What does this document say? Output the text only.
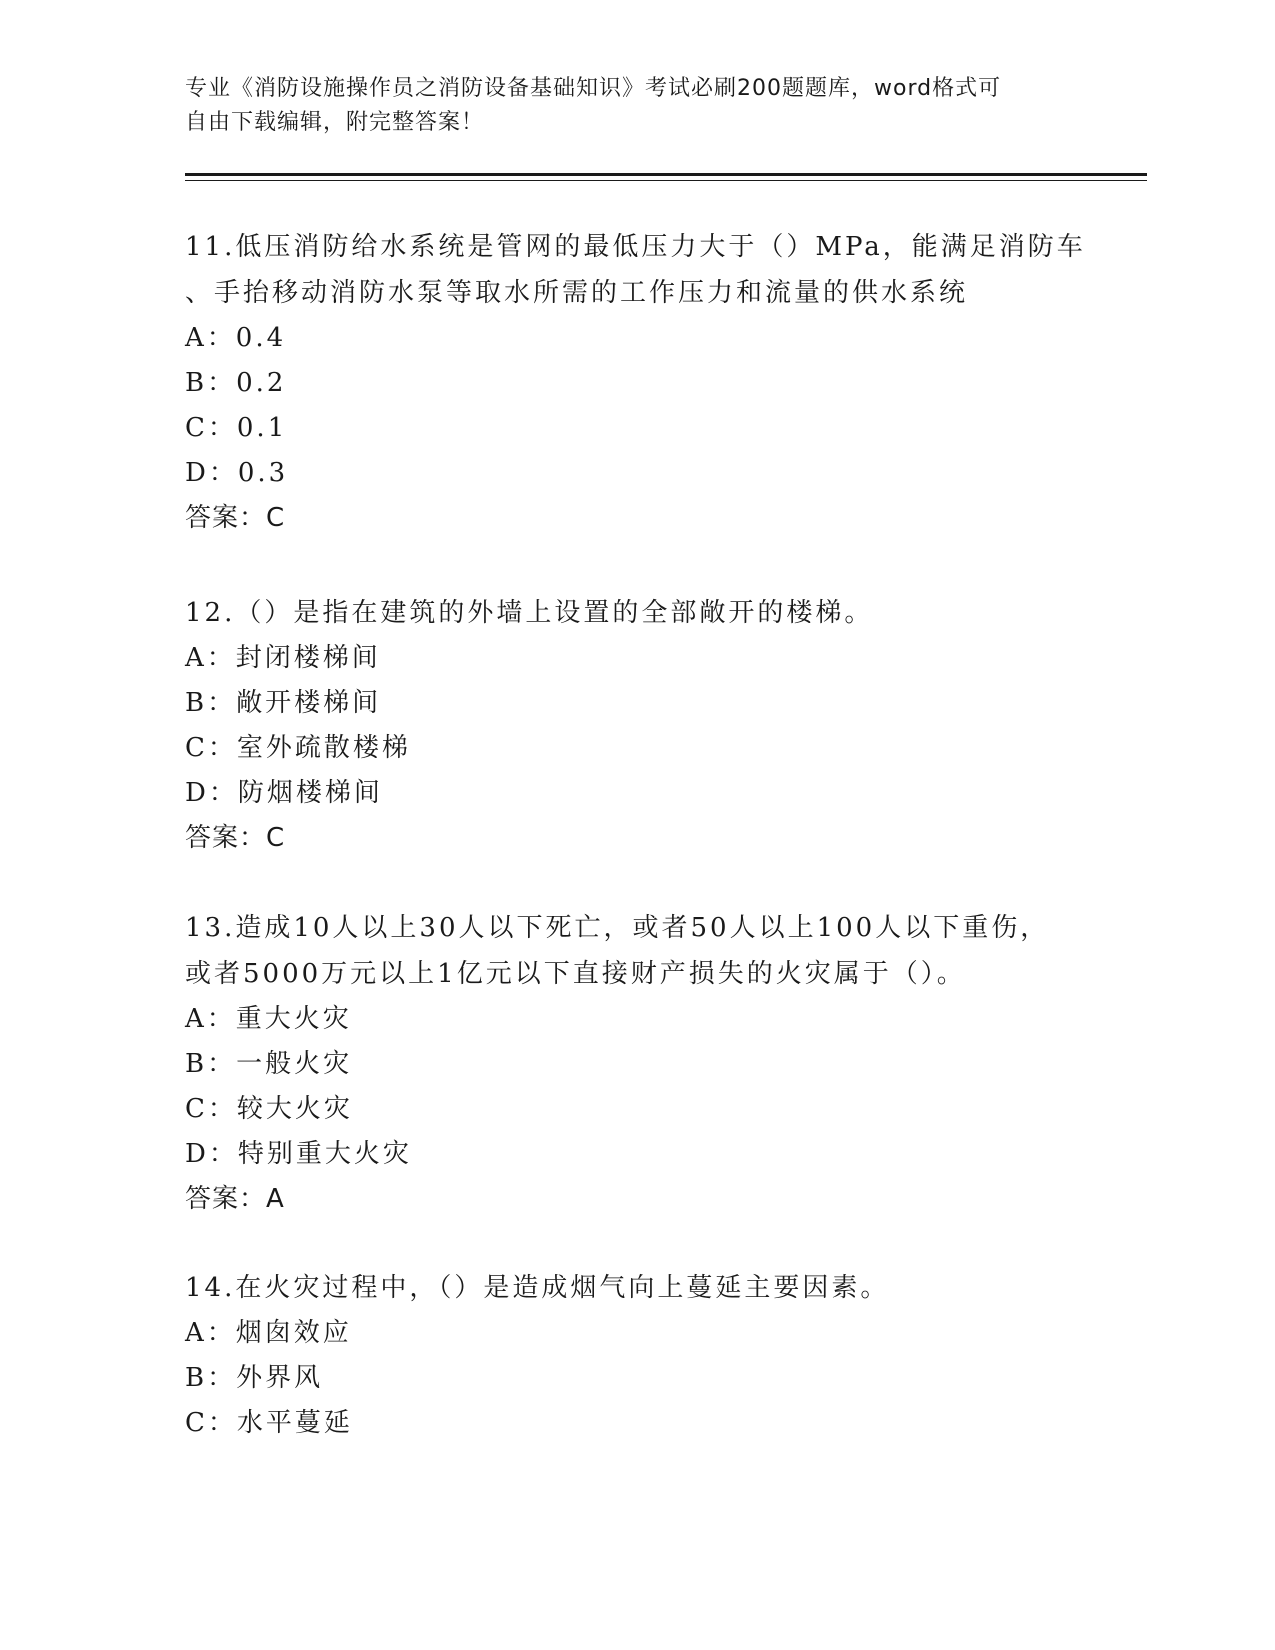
专业《消防设施操作员之消防设备基础知识》考试必刷200题题库，word格式可
自由下载编辑，附完整答案！
11.低压消防给水系统是管网的最低压力大于（）MPa，能满足消防车
、手抬移动消防水泵等取水所需的工作压力和流量的供水系统
A：0.4
B：0.2
C：0.1
D：0.3
答案：C
12.（）是指在建筑的外墙上设置的全部敞开的楼梯。
A：封闭楼梯间
B：敞开楼梯间
C：室外疏散楼梯
D：防烟楼梯间
答案：C
13.造成10人以上30人以下死亡，或者50人以上100人以下重伤，
或者5000万元以上1亿元以下直接财产损失的火灾属于（）。
A：重大火灾
B：一般火灾
C：较大火灾
D：特别重大火灾
答案：A
14.在火灾过程中，（）是造成烟气向上蔓延主要因素。
A：烟囱效应
B：外界风
C：水平蔓延
